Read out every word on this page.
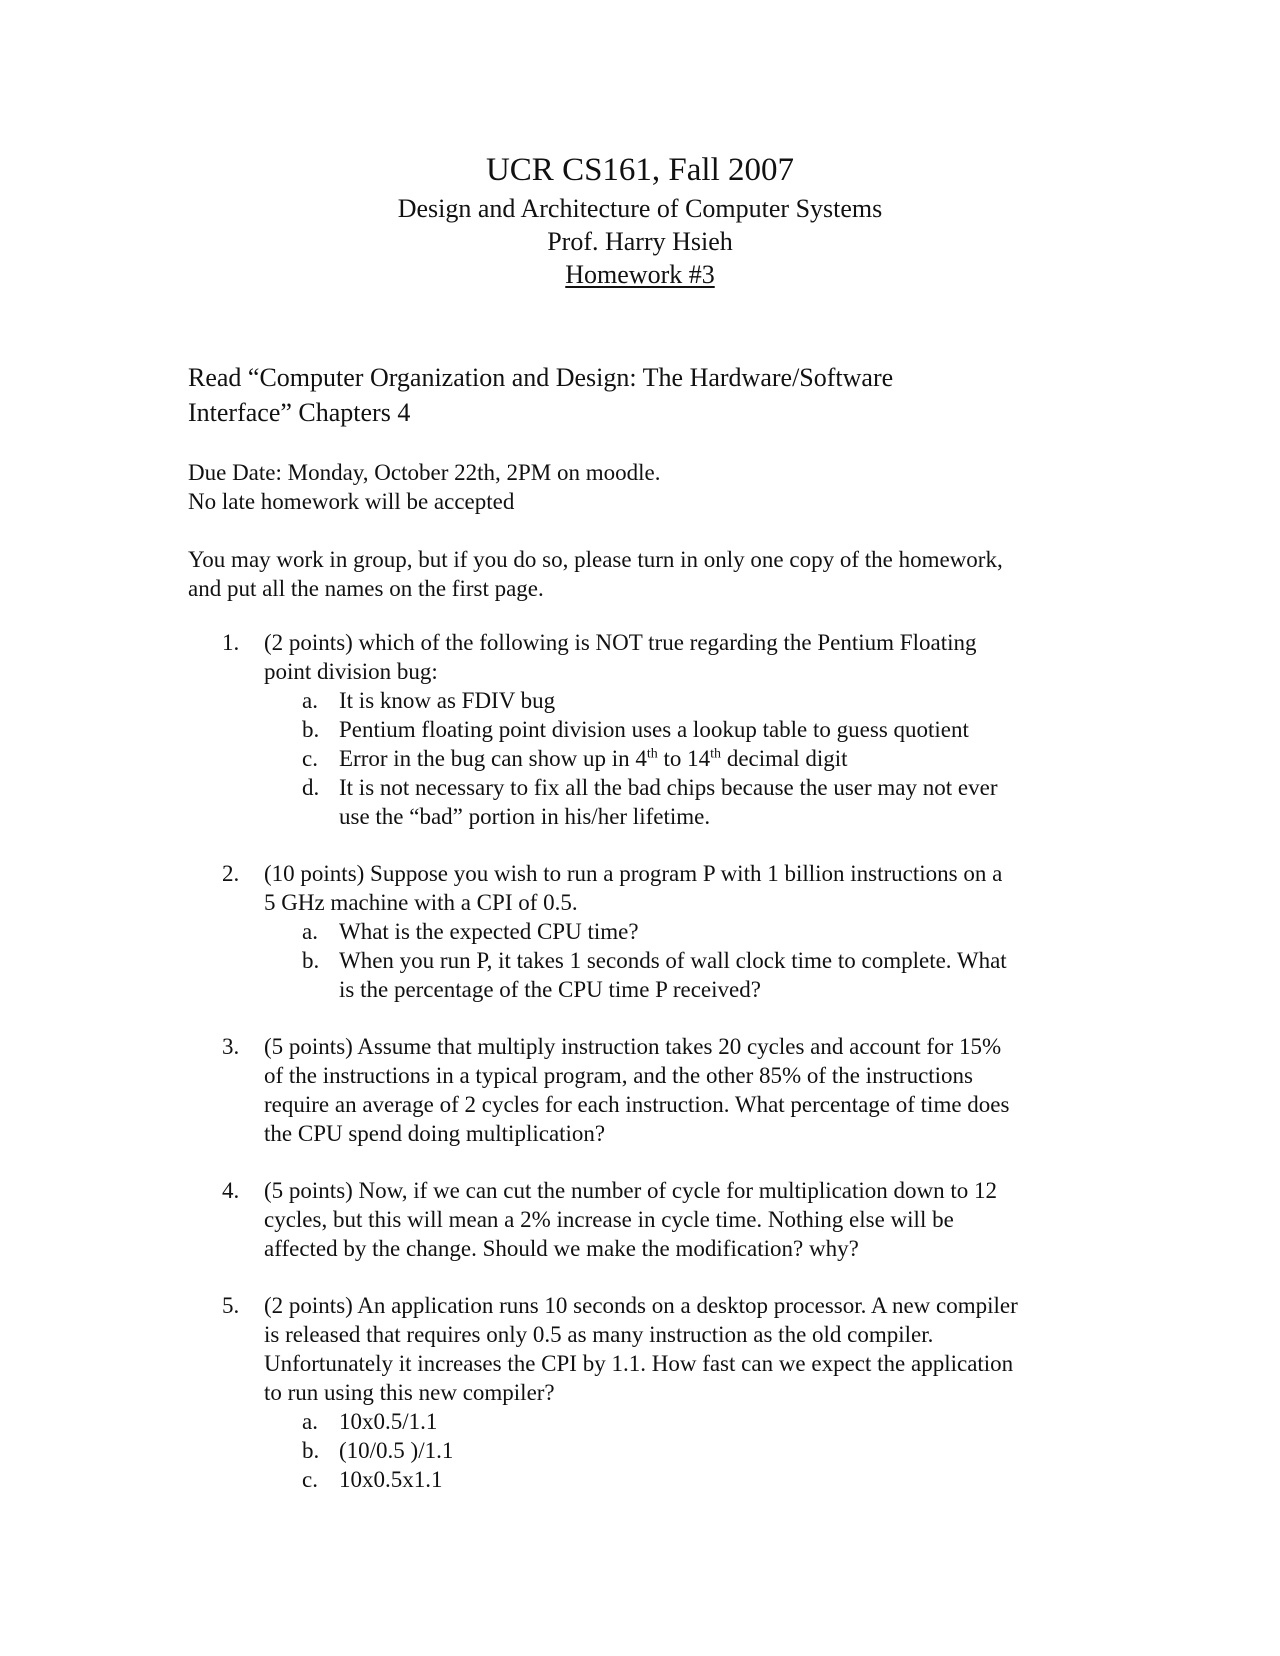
UCR CS161, Fall 2007
Design and Architecture of Computer Systems
Prof. Harry Hsieh
Homework #3
Read “Computer Organization and Design: The Hardware/Software
Interface” Chapters 4
Due Date: Monday, October 22th, 2PM on moodle.
No late homework will be accepted
You may work in group, but if you do so, please turn in only one copy of the homework,
and put all the names on the first page.
1. (2 points) which of the following is NOT true regarding the Pentium Floating
point division bug:
a. It is know as FDIV bug
b. Pentium floating point division uses a lookup table to guess quotient
c. Error in the bug can show up in 4th to 14th decimal digit
d. It is not necessary to fix all the bad chips because the user may not ever
use the “bad” portion in his/her lifetime.
2. (10 points) Suppose you wish to run a program P with 1 billion instructions on a
5 GHz machine with a CPI of 0.5.
a. What is the expected CPU time?
b. When you run P, it takes 1 seconds of wall clock time to complete. What
is the percentage of the CPU time P received?
3. (5 points) Assume that multiply instruction takes 20 cycles and account for 15%
of the instructions in a typical program, and the other 85% of the instructions
require an average of 2 cycles for each instruction. What percentage of time does
the CPU spend doing multiplication?
4. (5 points) Now, if we can cut the number of cycle for multiplication down to 12
cycles, but this will mean a 2% increase in cycle time. Nothing else will be
affected by the change. Should we make the modification? why?
5. (2 points) An application runs 10 seconds on a desktop processor. A new compiler
is released that requires only 0.5 as many instruction as the old compiler.
Unfortunately it increases the CPI by 1.1. How fast can we expect the application
to run using this new compiler?
a. 10x0.5/1.1
b. (10/0.5 )/1.1
c. 10x0.5x1.1
